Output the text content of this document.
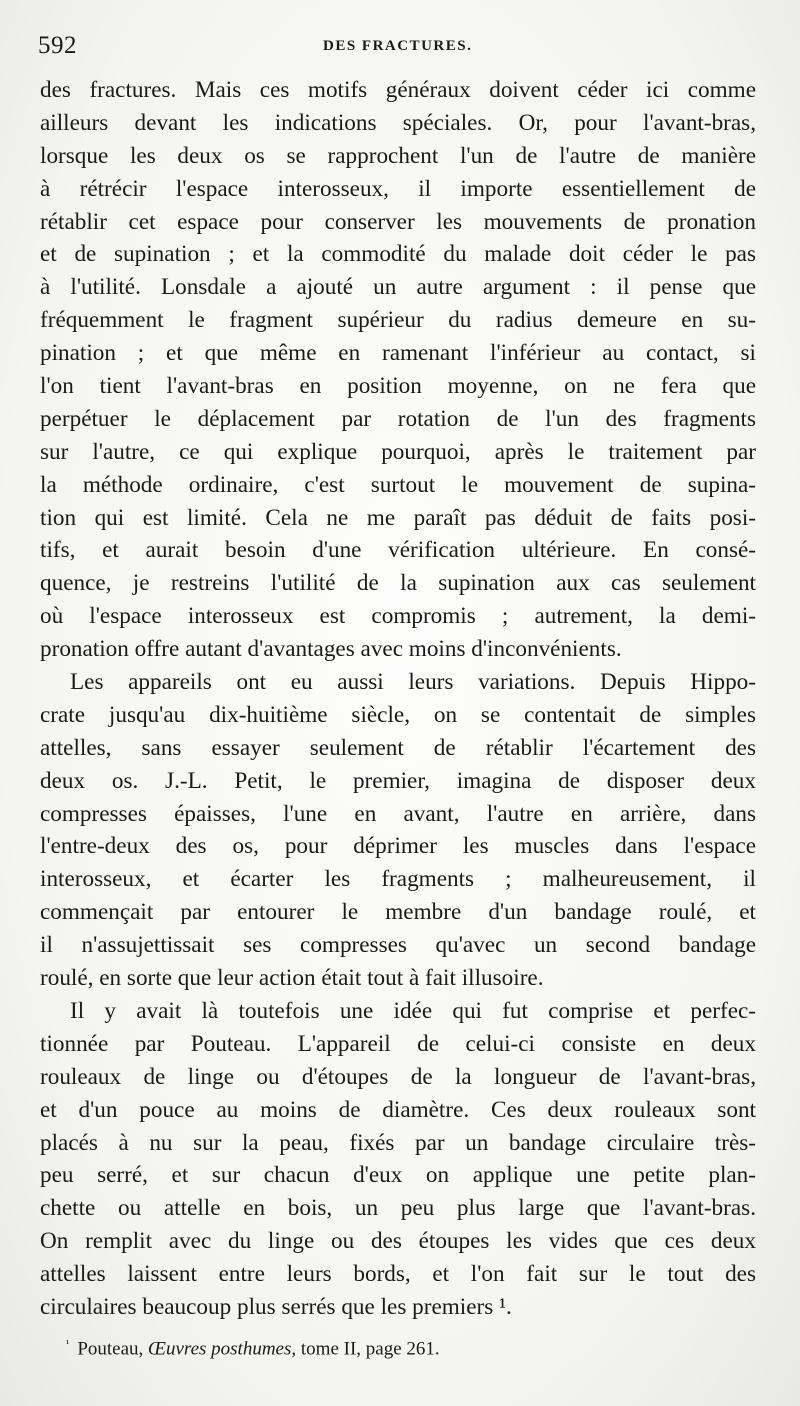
592	DES FRACTURES.
des fractures. Mais ces motifs généraux doivent céder ici comme
ailleurs devant les indications spéciales. Or, pour l'avant-bras,
lorsque les deux os se rapprochent l'un de l'autre de manière
à rétrécir l'espace interosseux, il importe essentiellement de
rétablir cet espace pour conserver les mouvements de pronation
et de supination ; et la commodité du malade doit céder le pas
à l'utilité. Lonsdale a ajouté un autre argument : il pense que
fréquemment le fragment supérieur du radius demeure en su-
pination ; et que même en ramenant l'inférieur au contact, si
l'on tient l'avant-bras en position moyenne, on ne fera que
perpétuer le déplacement par rotation de l'un des fragments
sur l'autre, ce qui explique pourquoi, après le traitement par
la méthode ordinaire, c'est surtout le mouvement de supina-
tion qui est limité. Cela ne me paraît pas déduit de faits posi-
tifs, et aurait besoin d'une vérification ultérieure. En consé-
quence, je restreins l'utilité de la supination aux cas seulement
où l'espace interosseux est compromis ; autrement, la demi-
pronation offre autant d'avantages avec moins d'inconvénients.
Les appareils ont eu aussi leurs variations. Depuis Hippo-
crate jusqu'au dix-huitième siècle, on se contentait de simples
attelles, sans essayer seulement de rétablir l'écartement des
deux os. J.-L. Petit, le premier, imagina de disposer deux
compresses épaisses, l'une en avant, l'autre en arrière, dans
l'entre-deux des os, pour déprimer les muscles dans l'espace
interosseux, et écarter les fragments ; malheureusement, il
commençait par entourer le membre d'un bandage roulé, et
il n'assujettissait ses compresses qu'avec un second bandage
roulé, en sorte que leur action était tout à fait illusoire.
Il y avait là toutefois une idée qui fut comprise et perfec-
tionnée par Pouteau. L'appareil de celui-ci consiste en deux
rouleaux de linge ou d'étoupes de la longueur de l'avant-bras,
et d'un pouce au moins de diamètre. Ces deux rouleaux sont
placés à nu sur la peau, fixés par un bandage circulaire très-
peu serré, et sur chacun d'eux on applique une petite plan-
chette ou attelle en bois, un peu plus large que l'avant-bras.
On remplit avec du linge ou des étoupes les vides que ces deux
attelles laissent entre leurs bords, et l'on fait sur le tout des
circulaires beaucoup plus serrés que les premiers ¹.
$^{^1}$ Pouteau, Œuvres posthumes, tome II, page 261.
